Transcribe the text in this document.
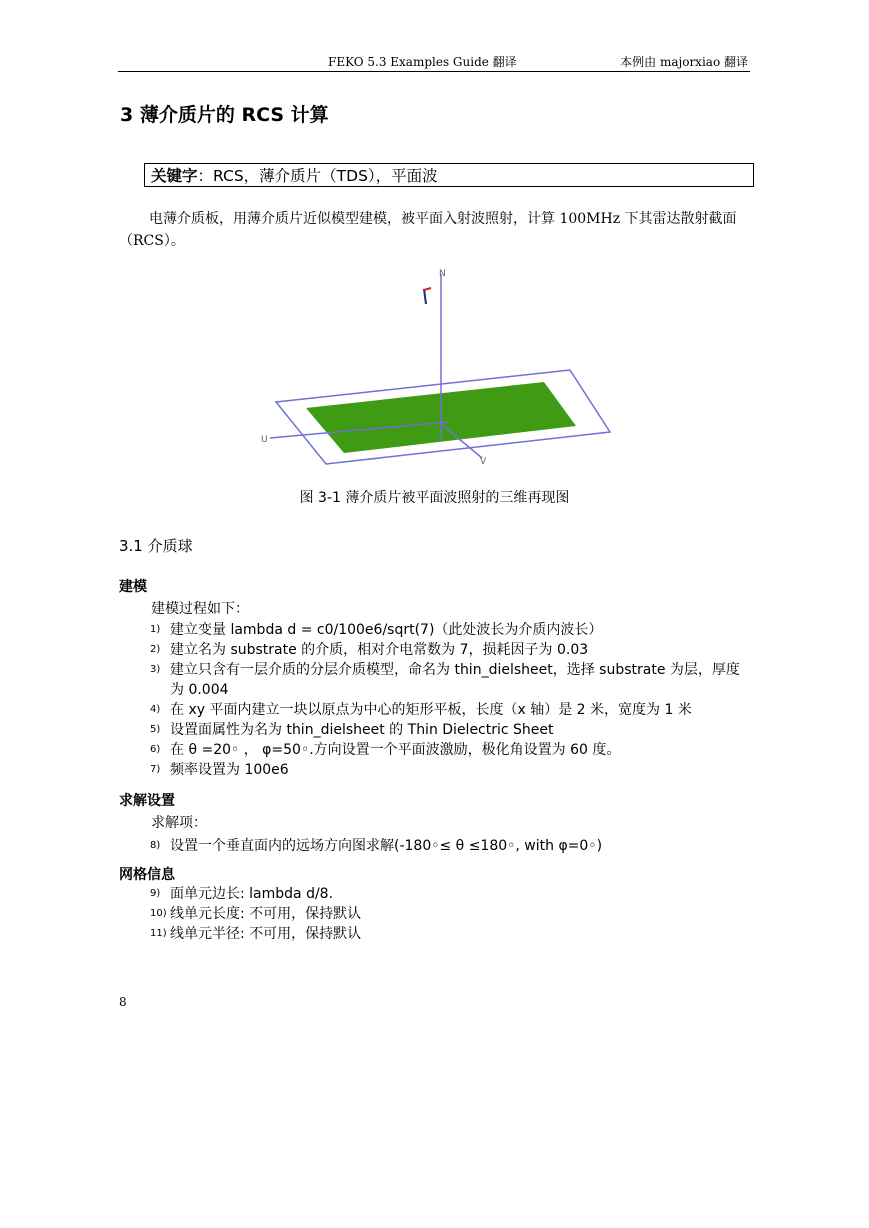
FEKO 5.3 Examples Guide 翻译	本例由 majorxiao 翻译
3 薄介质片的 RCS 计算
关键字：RCS，薄介质片（TDS），平面波
电薄介质板，用薄介质片近似模型建模，被平面入射波照射，计算 100MHz 下其雷达散射截面（RCS）。
N
U
V
图 3-1 薄介质片被平面波照射的三维再现图
3.1 介质球
建模
建模过程如下：
1) 建立变量 lambda d = c0/100e6/sqrt(7)（此处波长为介质内波长）
2) 建立名为 substrate 的介质，相对介电常数为 7，损耗因子为 0.03
3) 建立只含有一层介质的分层介质模型，命名为 thin_dielsheet，选择 substrate 为层，厚度为 0.004
4) 在 xy 平面内建立一块以原点为中心的矩形平板，长度（x 轴）是 2 米，宽度为 1 米
5) 设置面属性为名为 thin_dielsheet 的 Thin Dielectric Sheet
6) 在 θ =20◦ ， φ=50◦.方向设置一个平面波激励，极化角设置为 60 度。
7) 频率设置为 100e6
求解设置
求解项：
8) 设置一个垂直面内的远场方向图求解(-180◦≤ θ ≤180◦, with φ=0◦)
网格信息
9) 面单元边长: lambda d/8.
10) 线单元长度: 不可用，保持默认
11) 线单元半径: 不可用，保持默认
8
